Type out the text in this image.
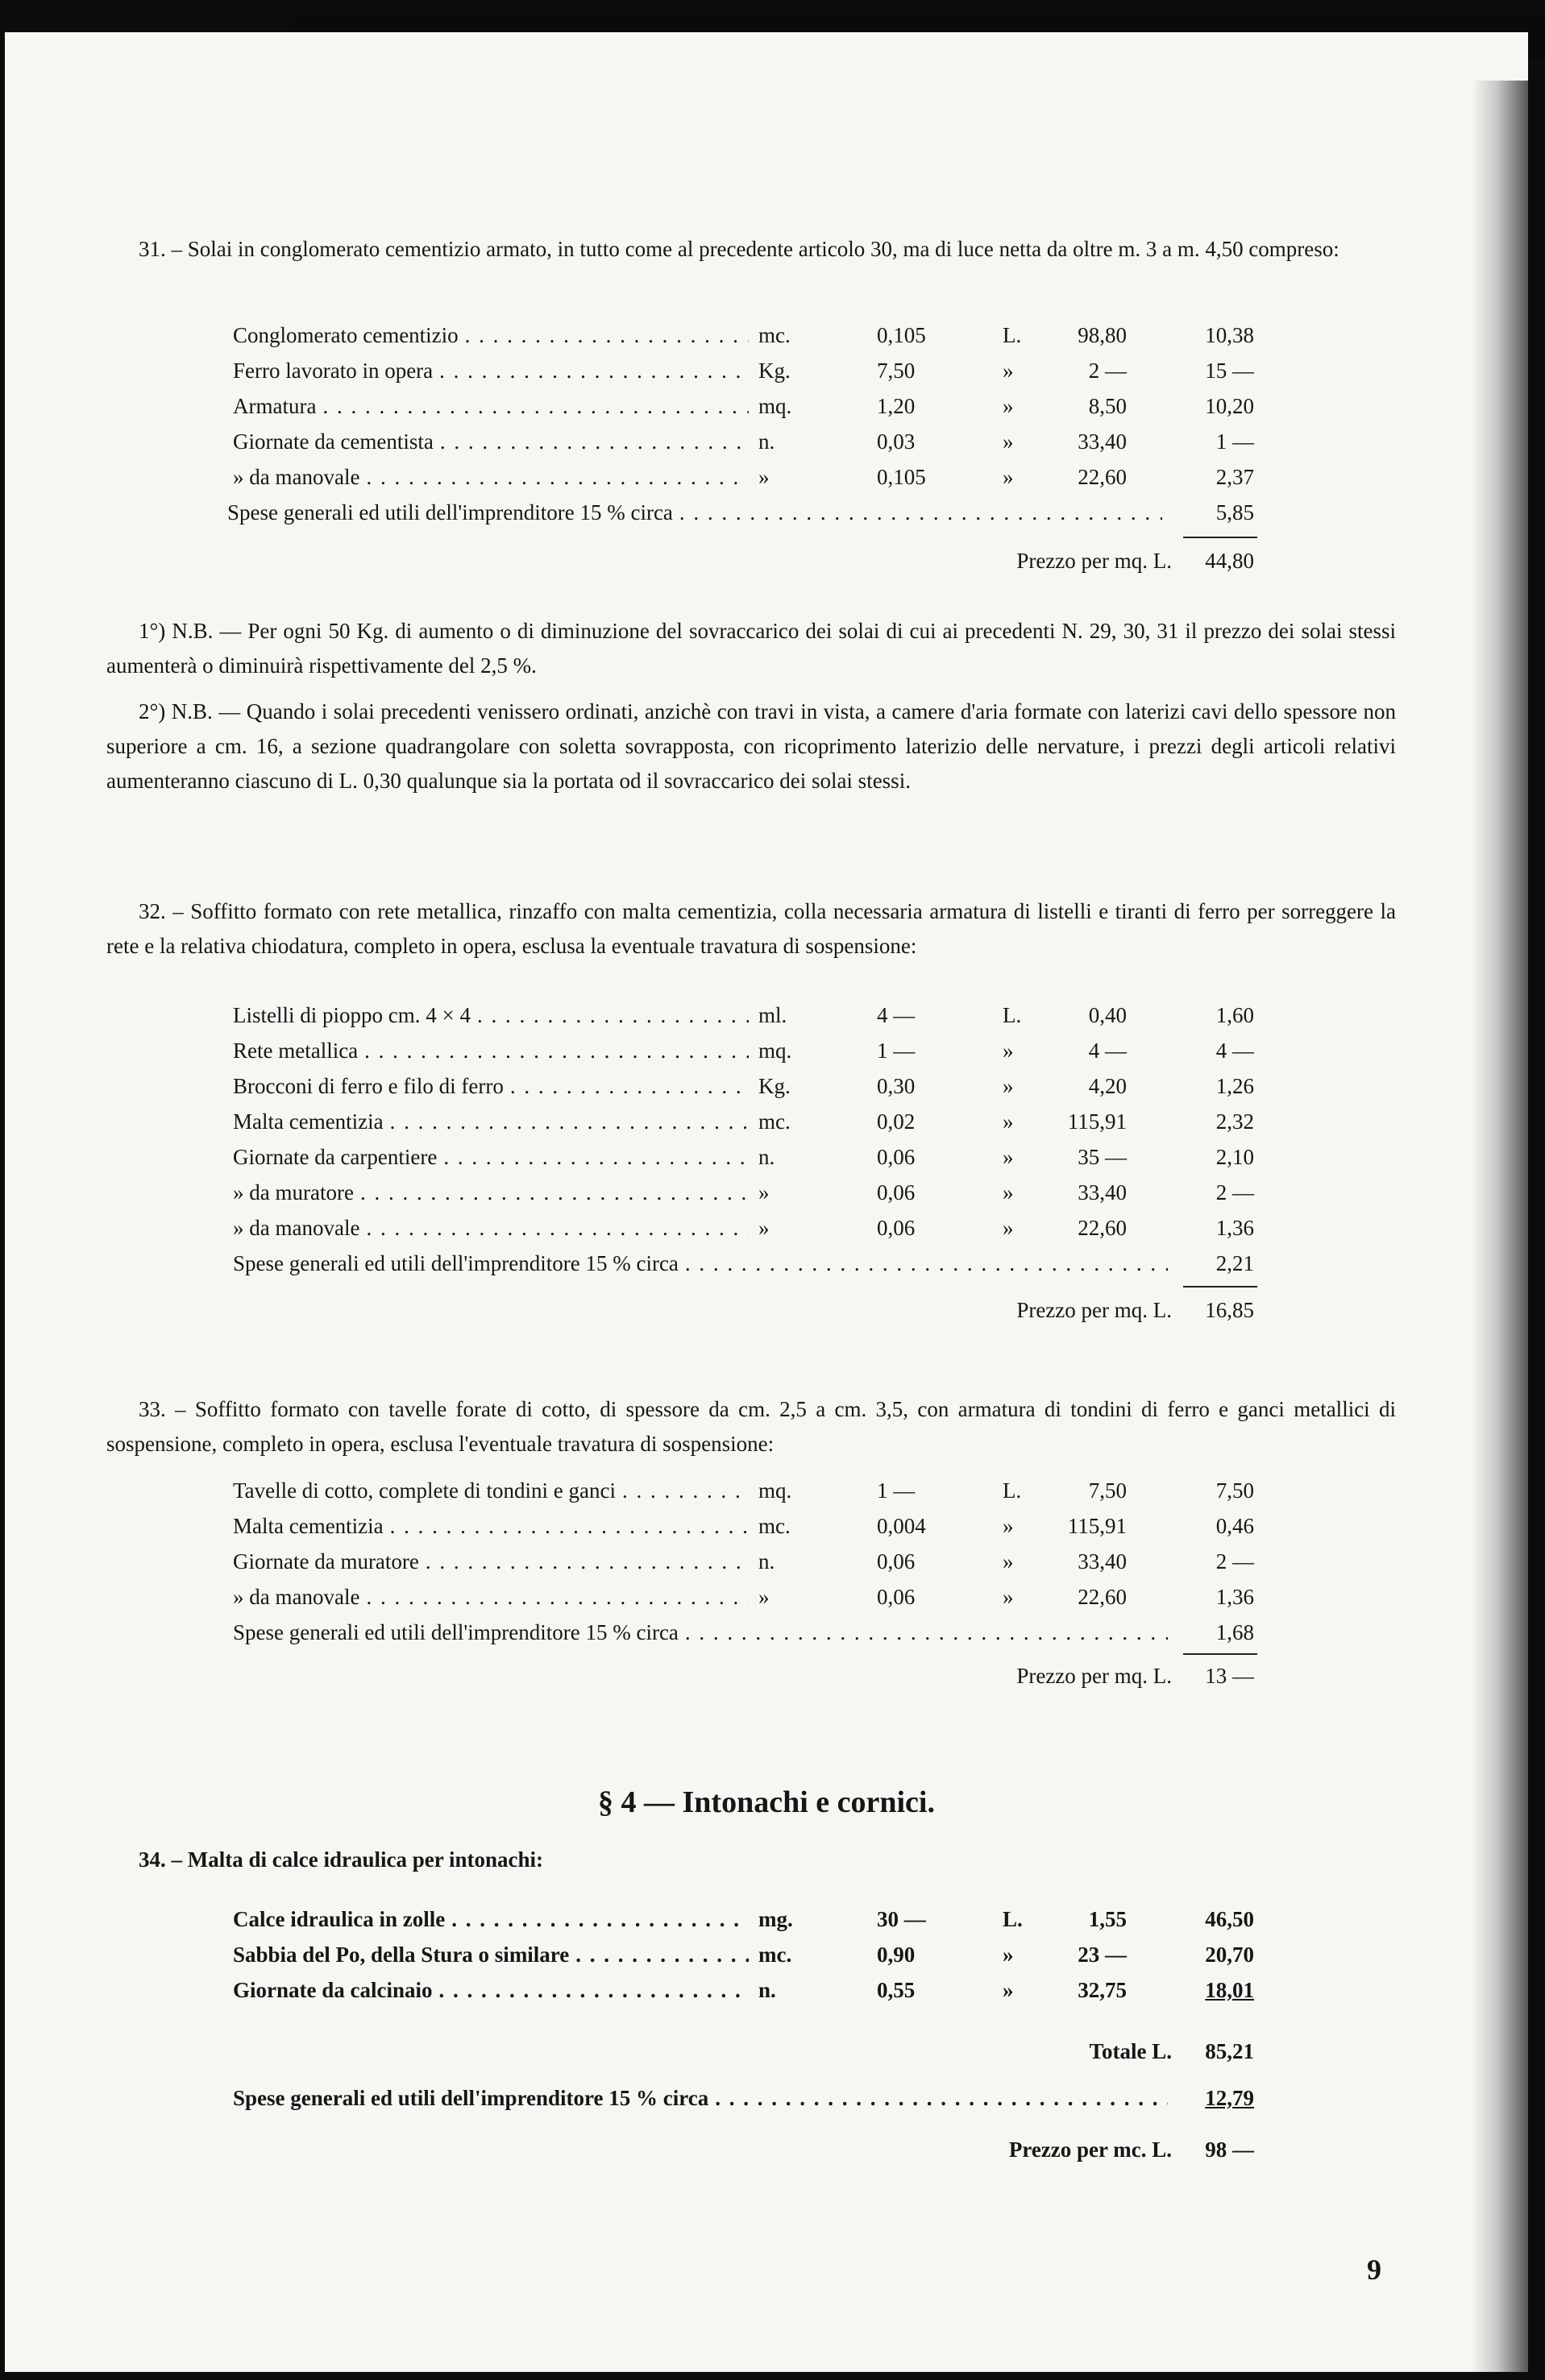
31. – Solai in conglomerato cementizio armato, in tutto come al precedente articolo 30, ma di luce netta da oltre m. 3 a m. 4,50 compreso:

Conglomerato cementizio . . .	mc.	0,105	L.	98,80	10,38
Ferro lavorato in opera . . .	Kg.	7,50	»	2 —	15 —
Armatura . . .	mq.	1,20	»	8,50	10,20
Giornate da cementista . . .	n.	0,03	»	33,40	1 —
» da manovale . . .	»	0,105	»	22,60	2,37
Spese generali ed utili dell'imprenditore 15 % circa . . .	5,85
Prezzo per mq. L.	44,80

1°) N.B. — Per ogni 50 Kg. di aumento o di diminuzione del sovraccarico dei solai di cui ai precedenti N. 29, 30, 31 il prezzo dei solai stessi aumenterà o diminuirà rispettivamente del 2,5 %.

2°) N.B. — Quando i solai precedenti venissero ordinati, anzichè con travi in vista, a camere d'aria formate con laterizi cavi dello spessore non superiore a cm. 16, a sezione quadrangolare con soletta sovrapposta, con ricoprimento laterizio delle nervature, i prezzi degli articoli relativi aumenteranno ciascuno di L. 0,30 qualunque sia la portata od il sovraccarico dei solai stessi.

32. – Soffitto formato con rete metallica, rinzaffo con malta cementizia, colla necessaria armatura di listelli e tiranti di ferro per sorreggere la rete e la relativa chiodatura, completo in opera, esclusa la eventuale travatura di sospensione:

Listelli di pioppo cm. 4 × 4 . . .	ml.	4 —	L.	0,40	1,60
Rete metallica . . .	mq.	1 —	»	4 —	4 —
Brocconi di ferro e filo di ferro . . .	Kg.	0,30	»	4,20	1,26
Malta cementizia . . .	mc.	0,02	»	115,91	2,32
Giornate da carpentiere . . .	n.	0,06	»	35 —	2,10
» da muratore . . .	»	0,06	»	33,40	2 —
» da manovale . . .	»	0,06	»	22,60	1,36
Spese generali ed utili dell'imprenditore 15 % circa . . .	2,21
Prezzo per mq. L.	16,85

33. – Soffitto formato con tavelle forate di cotto, di spessore da cm. 2,5 a cm. 3,5, con armatura di tondini di ferro e ganci metallici di sospensione, completo in opera, esclusa l'eventuale travatura di sospensione:

Tavelle di cotto, complete di tondini e ganci . . .	mq.	1 —	L.	7,50	7,50
Malta cementizia . . .	mc.	0,004	»	115,91	0,46
Giornate da muratore . . .	n.	0,06	»	33,40	2 —
» da manovale . . .	»	0,06	»	22,60	1,36
Spese generali ed utili dell'imprenditore 15 % circa . . .	1,68
Prezzo per mq. L.	13 —

§ 4 — Intonachi e cornici.

34. – Malta di calce idraulica per intonachi:

Calce idraulica in zolle . . .	mg.	30 —	L.	1,55	46,50
Sabbia del Po, della Stura o similare . . .	mc.	0,90	»	23 —	20,70
Giornate da calcinaio . . .	n.	0,55	»	32,75	18,01
Totale L.	85,21
Spese generali ed utili dell'imprenditore 15 % circa . . .	12,79
Prezzo per mc. L.	98 —

9
